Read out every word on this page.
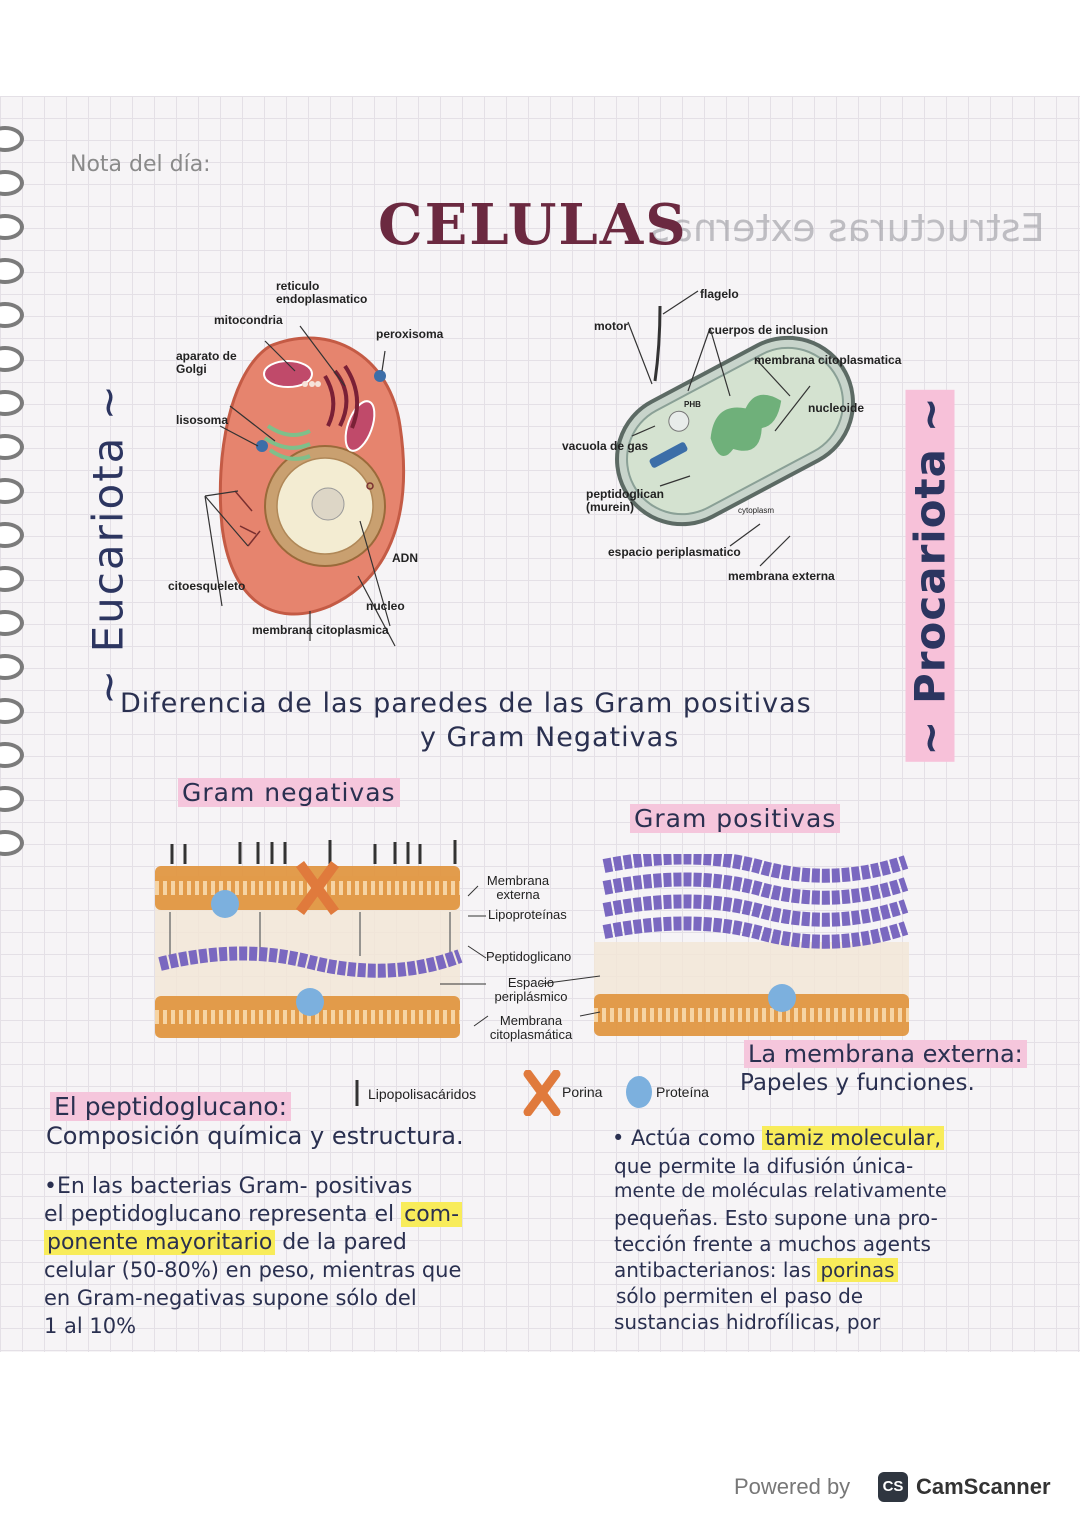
Nota del día:
Estructuras externas
CELULAS
~ Eucariota ~	~ Procariota ~
reticulo endoplasmatico
mitocondria
peroxisoma
aparato de Golgi
lisosoma
ADN
citoesqueleto
nucleo
membrana citoplasmica
flagelo
motor	cuerpos de inclusion
membrana citoplasmatica
PHB	nucleoide
vacuola de gas
peptidoglican (murein)	cytoplasm
espacio periplasmatico
membrana externa
Diferencia de las paredes de las Gram positivas
y Gram Negativas
Gram negativas
Gram positivas
Membrana externa
Lipoproteínas
Peptidoglicano
Espacio periplásmico
Membrana citoplasmática
Lipopolisacáridos	Porina	Proteína
El peptidoglucano:
Composición química y estructura.
•En las bacterias Gram- positivas
el peptidoglucano representa el com-
ponente mayoritario de la pared
celular (50-80%) en peso, mientras que
en Gram-negativas supone sólo del
1 al 10%
La membrana externa:
Papeles y funciones.
• Actúa como tamiz molecular,
que permite la difusión única-
mente de moléculas relativamente
pequeñas. Esto supone una pro-
tección frente a muchos agents
antibacterianos: las porinas
sólo permiten el paso de
sustancias hidrofílicas, por
Powered by	CS CamScanner
